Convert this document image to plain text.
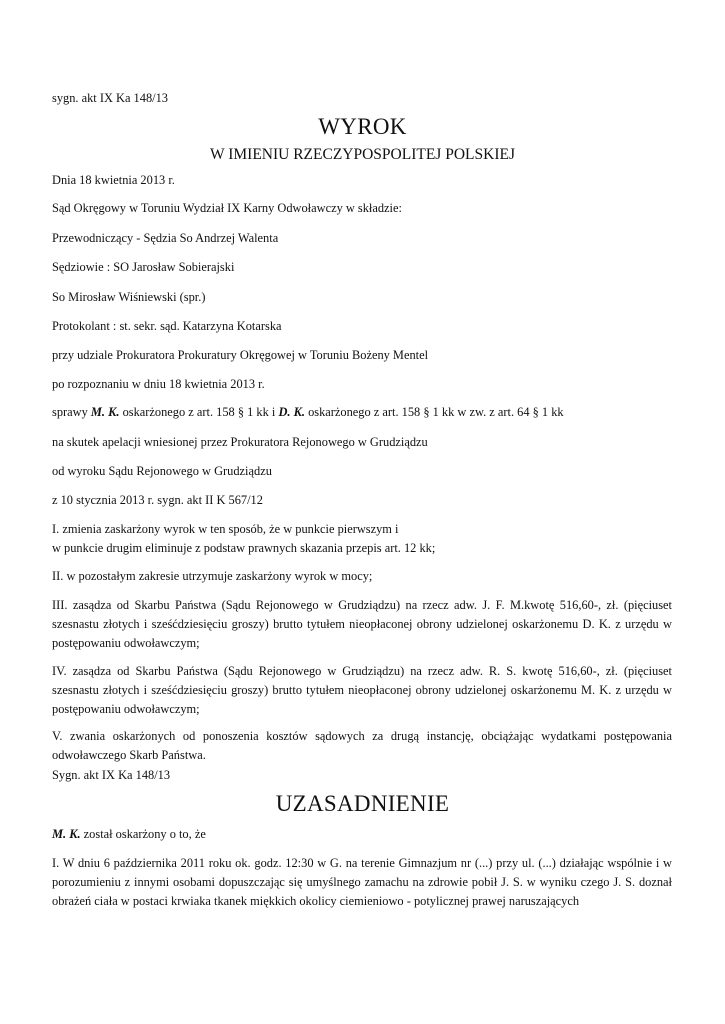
sygn. akt IX Ka 148/13
WYROK
W IMIENIU RZECZYPOSPOLITEJ POLSKIEJ
Dnia 18 kwietnia 2013 r.
Sąd Okręgowy w Toruniu Wydział IX Karny Odwoławczy w składzie:
Przewodniczący - Sędzia So Andrzej Walenta
Sędziowie : SO Jarosław Sobierajski
So Mirosław Wiśniewski (spr.)
Protokolant : st. sekr. sąd. Katarzyna Kotarska
przy udziale Prokuratora Prokuratury Okręgowej w Toruniu Bożeny Mentel
po rozpoznaniu w dniu 18 kwietnia 2013 r.
sprawy M. K. oskarżonego z art. 158 § 1 kk i D. K. oskarżonego z art. 158 § 1 kk w zw. z art. 64 § 1 kk
na skutek apelacji wniesionej przez Prokuratora Rejonowego w Grudziądzu
od wyroku Sądu Rejonowego w Grudziądzu
z 10 stycznia 2013 r. sygn. akt II K 567/12
I. zmienia zaskarżony wyrok w ten sposób, że w punkcie pierwszym i
w punkcie drugim eliminuje z podstaw prawnych skazania przepis art. 12 kk;
II. w pozostałym zakresie utrzymuje zaskarżony wyrok w mocy;
III. zasądza od Skarbu Państwa (Sądu Rejonowego w Grudziądzu) na rzecz adw. J. F. M.kwotę 516,60-, zł. (pięciuset szesnastu złotych i sześćdziesięciu groszy) brutto tytułem nieopłaconej obrony udzielonej oskarżonemu D. K. z urzędu w postępowaniu odwoławczym;
IV. zasądza od Skarbu Państwa (Sądu Rejonowego w Grudziądzu) na rzecz adw. R. S. kwotę 516,60-, zł. (pięciuset szesnastu złotych i sześćdziesięciu groszy) brutto tytułem nieopłaconej obrony udzielonej oskarżonemu M. K. z urzędu w postępowaniu odwoławczym;
V. zwania oskarżonych od ponoszenia kosztów sądowych za drugą instancję, obciążając wydatkami postępowania odwoławczego Skarb Państwa.
Sygn. akt IX Ka 148/13
UZASADNIENIE
M. K. został oskarżony o to, że
I. W dniu 6 października 2011 roku ok. godz. 12:30 w G. na terenie Gimnazjum nr (...) przy ul. (...) działając wspólnie i w porozumieniu z innymi osobami dopuszczając się umyślnego zamachu na zdrowie pobił J. S. w wyniku czego J. S. doznał obrażeń ciała w postaci krwiaka tkanek miękkich okolicy ciemieniowo - potylicznej prawej naruszających
